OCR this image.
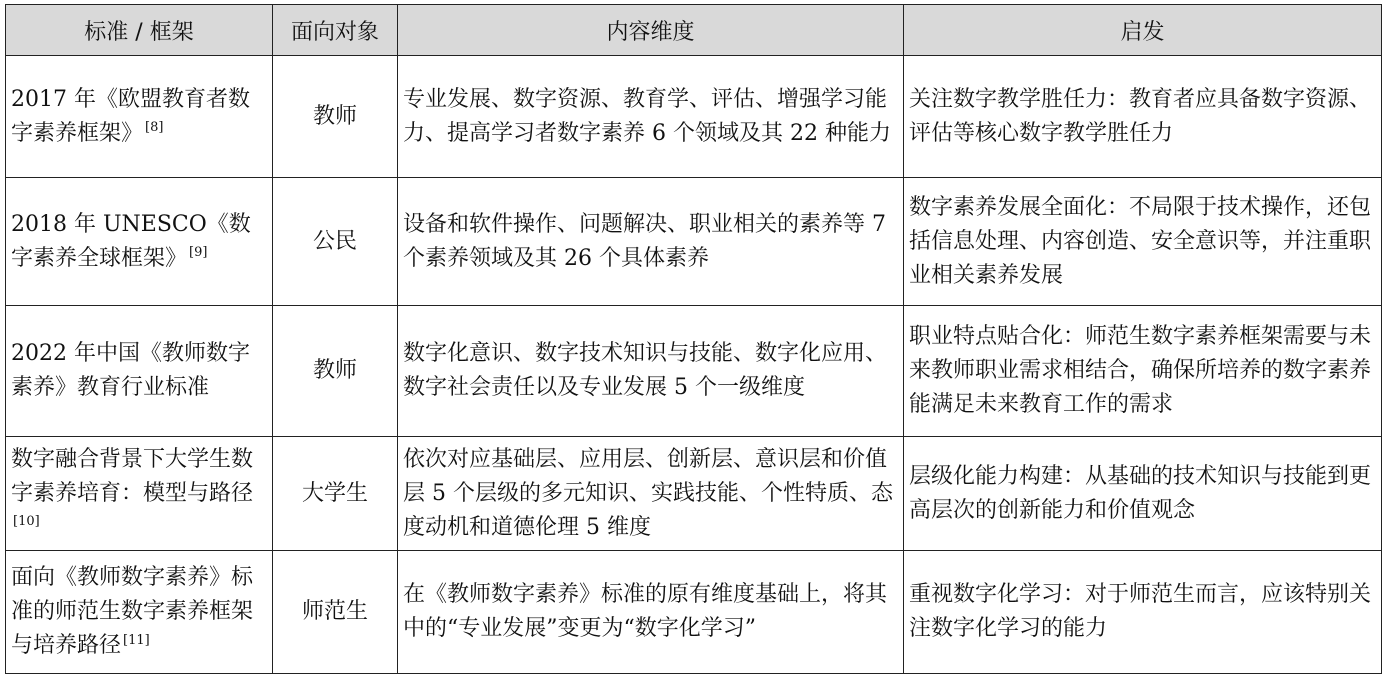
标准 / 框架	面向对象	内容维度	启发
2017 年《欧盟教育者数字素养框架》 [8]	教师	专业发展、数字资源、教育学、评估、增强学习能力、提高学习者数字素养 6 个领域及其 22 种能力	关注数字教学胜任力：教育者应具备数字资源、评估等核心数字教学胜任力
2018 年 UNESCO《数字素养全球框架》 [9]	公民	设备和软件操作、问题解决、职业相关的素养等 7 个素养领域及其 26 个具体素养	数字素养发展全面化：不局限于技术操作，还包括信息处理、内容创造、安全意识等，并注重职业相关素养发展
2022 年中国《教师数字素养》教育行业标准	教师	数字化意识、数字技术知识与技能、数字化应用、数字社会责任以及专业发展 5 个一级维度	职业特点贴合化：师范生数字素养框架需要与未来教师职业需求相结合，确保所培养的数字素养能满足未来教育工作的需求
数字融合背景下大学生数字素养培育：模型与路径[10]	大学生	依次对应基础层、应用层、创新层、意识层和价值层 5 个层级的多元知识、实践技能、个性特质、态度动机和道德伦理 5 维度	层级化能力构建：从基础的技术知识与技能到更高层次的创新能力和价值观念
面向《教师数字素养》标准的师范生数字素养框架与培养路径 [11]	师范生	在《教师数字素养》标准的原有维度基础上，将其中的“专业发展”变更为“数字化学习”	重视数字化学习：对于师范生而言，应该特别关注数字化学习的能力
